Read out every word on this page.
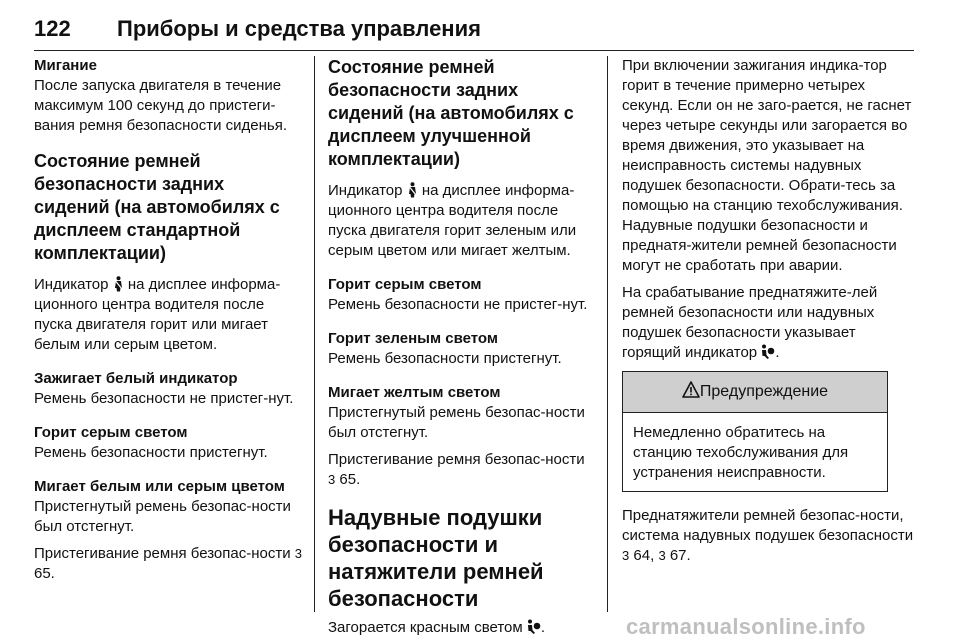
122 Приборы и средства управления

Мигание

После запуска двигателя в течение максимум 100 секунд до пристеги-вания ремня безопасности сиденья.

Состояние ремней безопасности задних сидений (на автомобилях с дисплеем стандартной комплектации)

Индикатор  на дисплее информа-ционного центра водителя после пуска двигателя горит или мигает белым или серым цветом.

Зажигает белый индикатор

Ремень безопасности не пристег-нут.

Горит серым светом

Ремень безопасности пристегнут.

Мигает белым или серым цветом

Пристегнутый ремень безопас-ности был отстегнут.

Пристегивание ремня безопас-ности 3 65.

Состояние ремней безопасности задних сидений (на автомобилях с дисплеем улучшенной комплектации)

Индикатор  на дисплее информа-ционного центра водителя после пуска двигателя горит зеленым или серым цветом или мигает желтым.

Горит серым светом

Ремень безопасности не пристег-нут.

Горит зеленым светом

Ремень безопасности пристегнут.

Мигает желтым светом

Пристегнутый ремень безопас-ности был отстегнут.

Пристегивание ремня безопас-ности 3 65.

Надувные подушки безопасности и натяжители ремней безопасности

Загорается красным светом .

При включении зажигания индика-тор горит в течение примерно четырех секунд. Если он не заго-рается, не гаснет через четыре секунды или загорается во время движения, это указывает на неисправность системы надувных подушек безопасности. Обрати-тесь за помощью на станцию техобслуживания. Надувные подушки безопасности и преднатя-жители ремней безопасности могут не сработать при аварии.

На срабатывание преднатяжите-лей ремней безопасности или надувных подушек безопасности указывает горящий индикатор .

Предупреждение
Немедленно обратитесь на станцию техобслуживания для устранения неисправности.

Преднатяжители ремней безопас-ности, система надувных подушек безопасности 3 64, 3 67.

carmanualsonline.info
